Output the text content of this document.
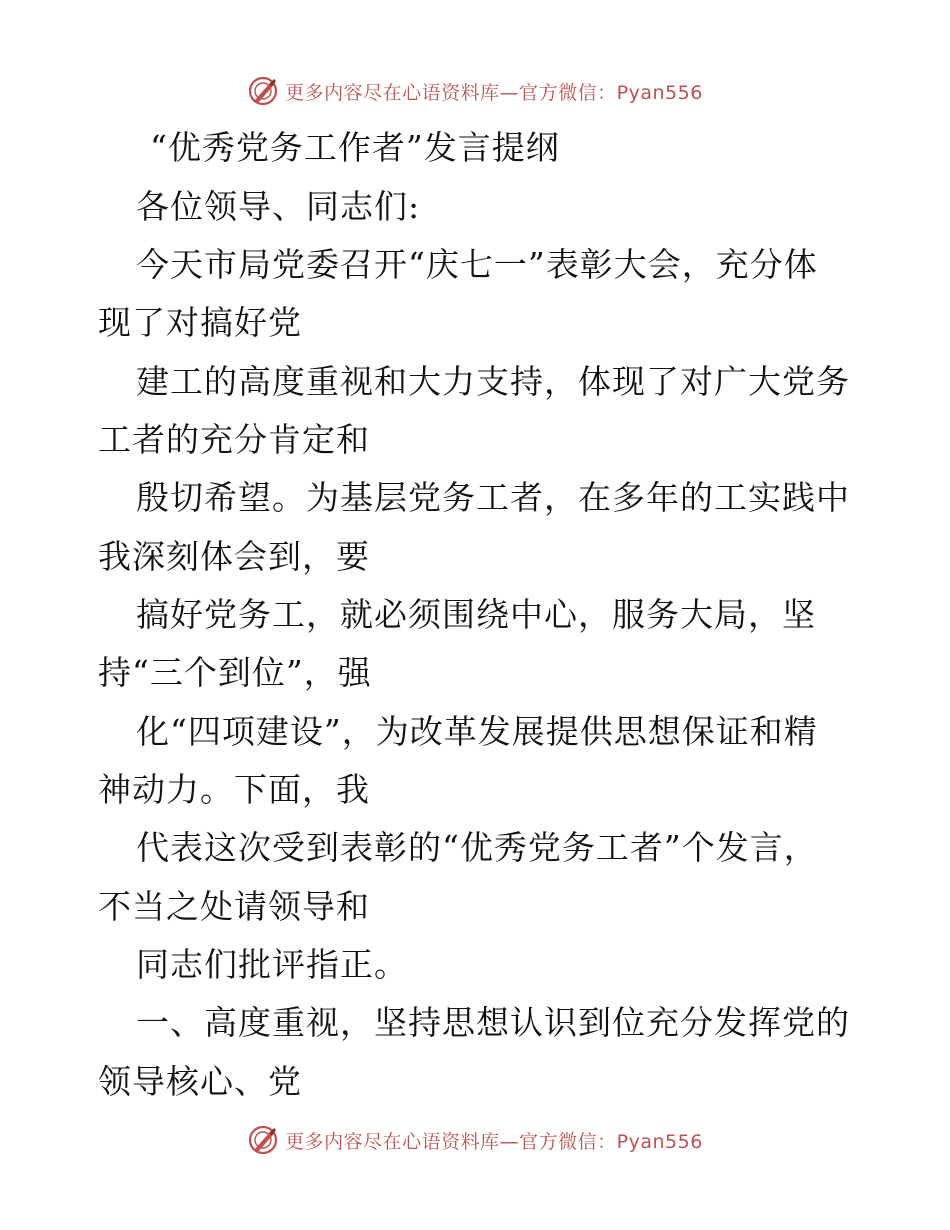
更多内容尽在心语资料库—官方微信：Pyan556
“优秀党务工作者”发言提纲
各位领导、同志们:
今天市局党委召开“庆七一”表彰大会，充分体
现了对搞好党
建工的高度重视和大力支持，体现了对广大党务
工者的充分肯定和
殷切希望。为基层党务工者，在多年的工实践中
我深刻体会到，要
搞好党务工，就必须围绕中心，服务大局，坚
持“三个到位”，强
化“四项建设”，为改革发展提供思想保证和精
神动力。下面，我
代表这次受到表彰的“优秀党务工者”个发言，
不当之处请领导和
同志们批评指正。
一、高度重视，坚持思想认识到位充分发挥党的
领导核心、党
更多内容尽在心语资料库—官方微信：Pyan556
